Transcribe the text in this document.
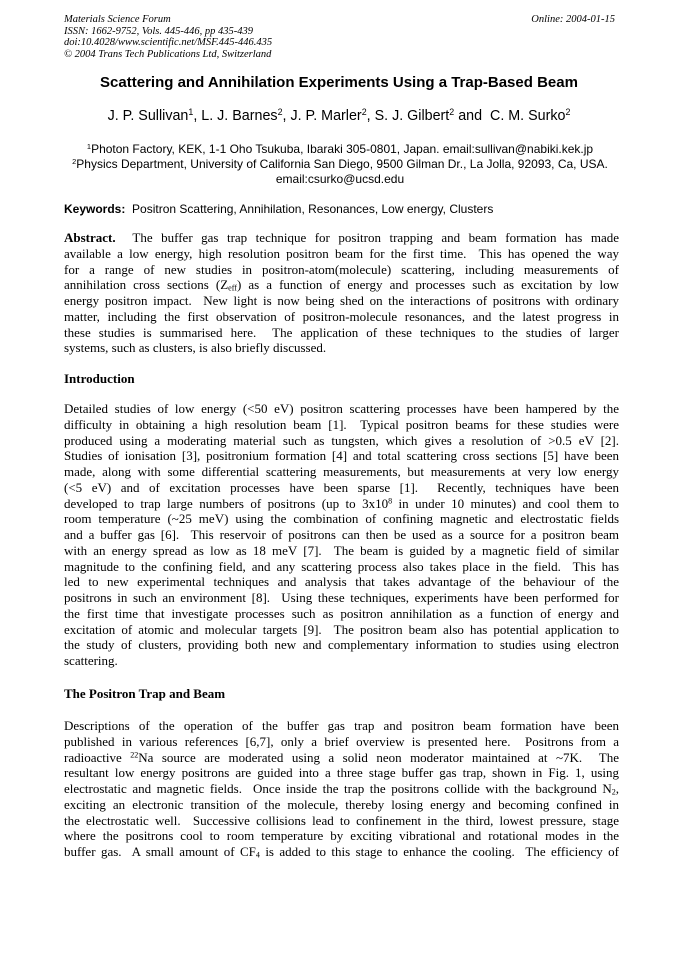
Materials Science Forum
ISSN: 1662-9752, Vols. 445-446, pp 435-439
doi:10.4028/www.scientific.net/MSF.445-446.435
© 2004 Trans Tech Publications Ltd, Switzerland
Online: 2004-01-15
Scattering and Annihilation Experiments Using a Trap-Based Beam
J. P. Sullivan$^1$, L. J. Barnes$^2$, J. P. Marler$^2$, S. J. Gilbert$^2$ and  C. M. Surko$^2$
$^1$Photon Factory, KEK, 1-1 Oho Tsukuba, Ibaraki 305-0801, Japan. email:sullivan@nabiki.kek.jp
$^2$Physics Department, University of California San Diego, 9500 Gilman Dr., La Jolla, 92093, Ca, USA. email:csurko@ucsd.edu
Keywords: Positron Scattering, Annihilation, Resonances, Low energy, Clusters
Abstract.  The buffer gas trap technique for positron trapping and beam formation has made
available a low energy, high resolution positron beam for the first time.  This has opened the way
for a range of new studies in positron-atom(molecule) scattering, including measurements of
annihilation cross sections $(Z_{eff})$ as a function of energy and processes such as excitation by low
energy positron impact.  New light is now being shed on the interactions of positrons with ordinary
matter, including the first observation of positron-molecule resonances, and the latest progress in
these studies is summarised here.  The application of these techniques to the studies of larger
systems, such as clusters, is also briefly discussed.
Introduction
Detailed studies of low energy (<50 eV) positron scattering processes have been hampered by the
difficulty in obtaining a high resolution beam [1].  Typical positron beams for these studies were
produced using a moderating material such as tungsten, which gives a resolution of >0.5 eV [2].
Studies of ionisation [3], positronium formation [4] and total scattering cross sections [5] have been
made, along with some differential scattering measurements, but measurements at very low energy
(<5 eV) and of excitation processes have been sparse [1].  Recently, techniques have been
developed to trap large numbers of positrons (up to $3x10^8$ in under 10 minutes) and cool them to
room temperature (~25 meV) using the combination of confining magnetic and electrostatic fields
and a buffer gas [6].  This reservoir of positrons can then be used as a source for a positron beam
with an energy spread as low as 18 meV [7].  The beam is guided by a magnetic field of similar
magnitude to the confining field, and any scattering process also takes place in the field.  This has
led to new experimental techniques and analysis that takes advantage of the behaviour of the
positrons in such an environment [8].  Using these techniques, experiments have been performed for
the first time that investigate processes such as positron annihilation as a function of energy and
excitation of atomic and molecular targets [9].  The positron beam also has potential application to
the study of clusters, providing both new and complementary information to studies using electron
scattering.
The Positron Trap and Beam
Descriptions of the operation of the buffer gas trap and positron beam formation have been
published in various references [6,7], only a brief overview is presented here.  Positrons from a
radioactive $^{22}$Na source are moderated using a solid neon moderator maintained at ~7K.  The
resultant low energy positrons are guided into a three stage buffer gas trap, shown in Fig. 1, using
electrostatic and magnetic fields.  Once inside the trap the positrons collide with the background $N_2$,
exciting an electronic transition of the molecule, thereby losing energy and becoming confined in
the electrostatic well.  Successive collisions lead to confinement in the third, lowest pressure, stage
where the positrons cool to room temperature by exciting vibrational and rotational modes in the
buffer gas.  A small amount of $CF_4$ is added to this stage to enhance the cooling.  The efficiency of
